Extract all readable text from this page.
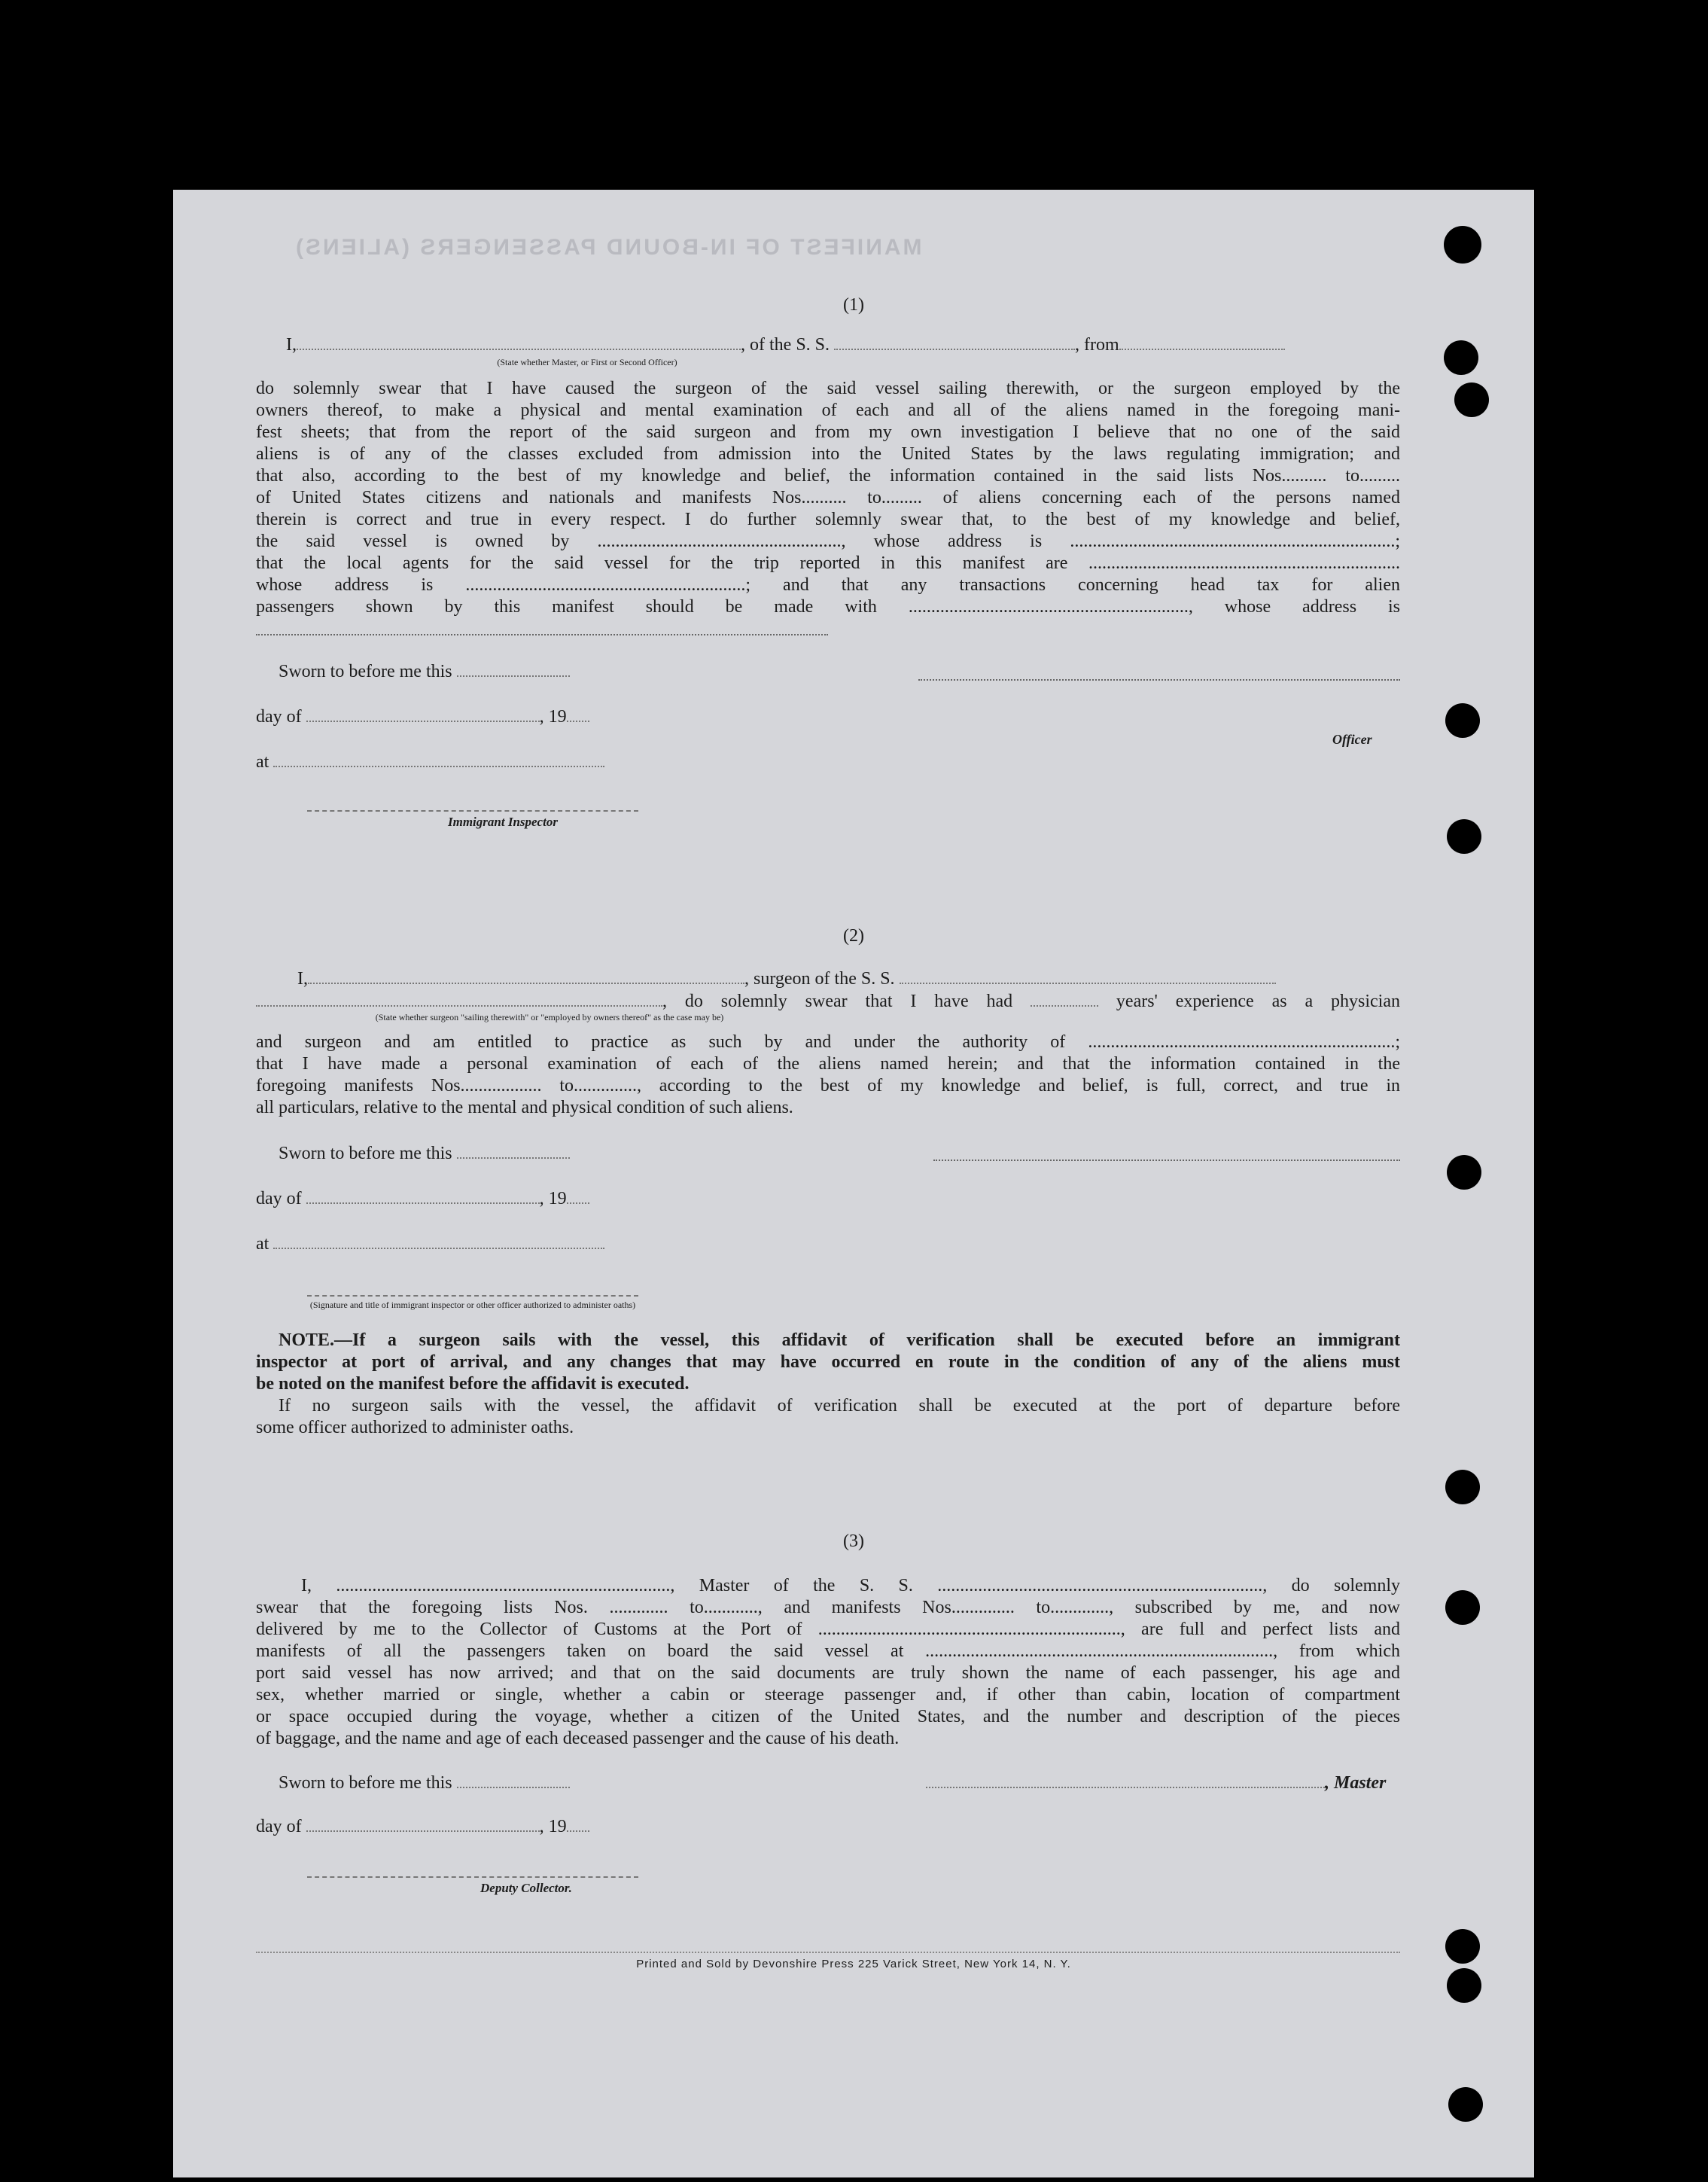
MANIFEST OF IN-BOUND PASSENGERS (ALIENS)
(1)
I,	, of the S. S.	, from
(State whether Master, or First or Second Officer)
do solemnly swear that I have caused the surgeon of the said vessel sailing therewith, or the surgeon employed by the
owners thereof, to make a physical and mental examination of each and all of the aliens named in the foregoing mani-
fest sheets; that from the report of the said surgeon and from my own investigation I believe that no one of the said
aliens is of any of the classes excluded from admission into the United States by the laws regulating immigration; and
that also, according to the best of my knowledge and belief, the information contained in the said lists Nos.......... to.........
of United States citizens and nationals and manifests Nos.......... to......... of aliens concerning each of the persons named
therein is correct and true in every respect. I do further solemnly swear that, to the best of my knowledge and belief,
the said vessel is owned by ......................................................, whose address is ........................................................................;
that the local agents for the said vessel for the trip reported in this manifest are .....................................................................
whose address is ..............................................................; and that any transactions concerning head tax for alien
passengers shown by this manifest should be made with .............................................................., whose address is
Sworn to before me this
day of	, 19
Officer
at
Immigrant Inspector
(2)
I,	, surgeon of the S. S.
, do solemnly swear that I have had	years' experience as a physician
(State whether surgeon "sailing therewith" or "employed by owners thereof" as the case may be)
and surgeon and am entitled to practice as such by and under the authority of ....................................................................;
that I have made a personal examination of each of the aliens named herein; and that the information contained in the
foregoing manifests Nos.................. to.............., according to the best of my knowledge and belief, is full, correct, and true in
all particulars, relative to the mental and physical condition of such aliens.
Sworn to before me this
day of	, 19
at
(Signature and title of immigrant inspector or other officer authorized to administer oaths)
NOTE.—If a surgeon sails with the vessel, this affidavit of verification shall be executed before an immigrant
inspector at port of arrival, and any changes that may have occurred en route in the condition of any of the aliens must
be noted on the manifest before the affidavit is executed.
If no surgeon sails with the vessel, the affidavit of verification shall be executed at the port of departure before
some officer authorized to administer oaths.
(3)
I, .........................................................................., Master of the S. S. ........................................................................, do solemnly
swear that the foregoing lists Nos. ............. to............, and manifests Nos.............. to............., subscribed by me, and now
delivered by me to the Collector of Customs at the Port of ..................................................................., are full and perfect lists and
manifests of all the passengers taken on board the said vessel at ............................................................................., from which
port said vessel has now arrived; and that on the said documents are truly shown the name of each passenger, his age and
sex, whether married or single, whether a cabin or steerage passenger and, if other than cabin, location of compartment
or space occupied during the voyage, whether a citizen of the United States, and the number and description of the pieces
of baggage, and the name and age of each deceased passenger and the cause of his death.
Sworn to before me this	, Master
day of	, 19
Deputy Collector.
Printed and Sold by Devonshire Press 225 Varick Street, New York 14, N. Y.
